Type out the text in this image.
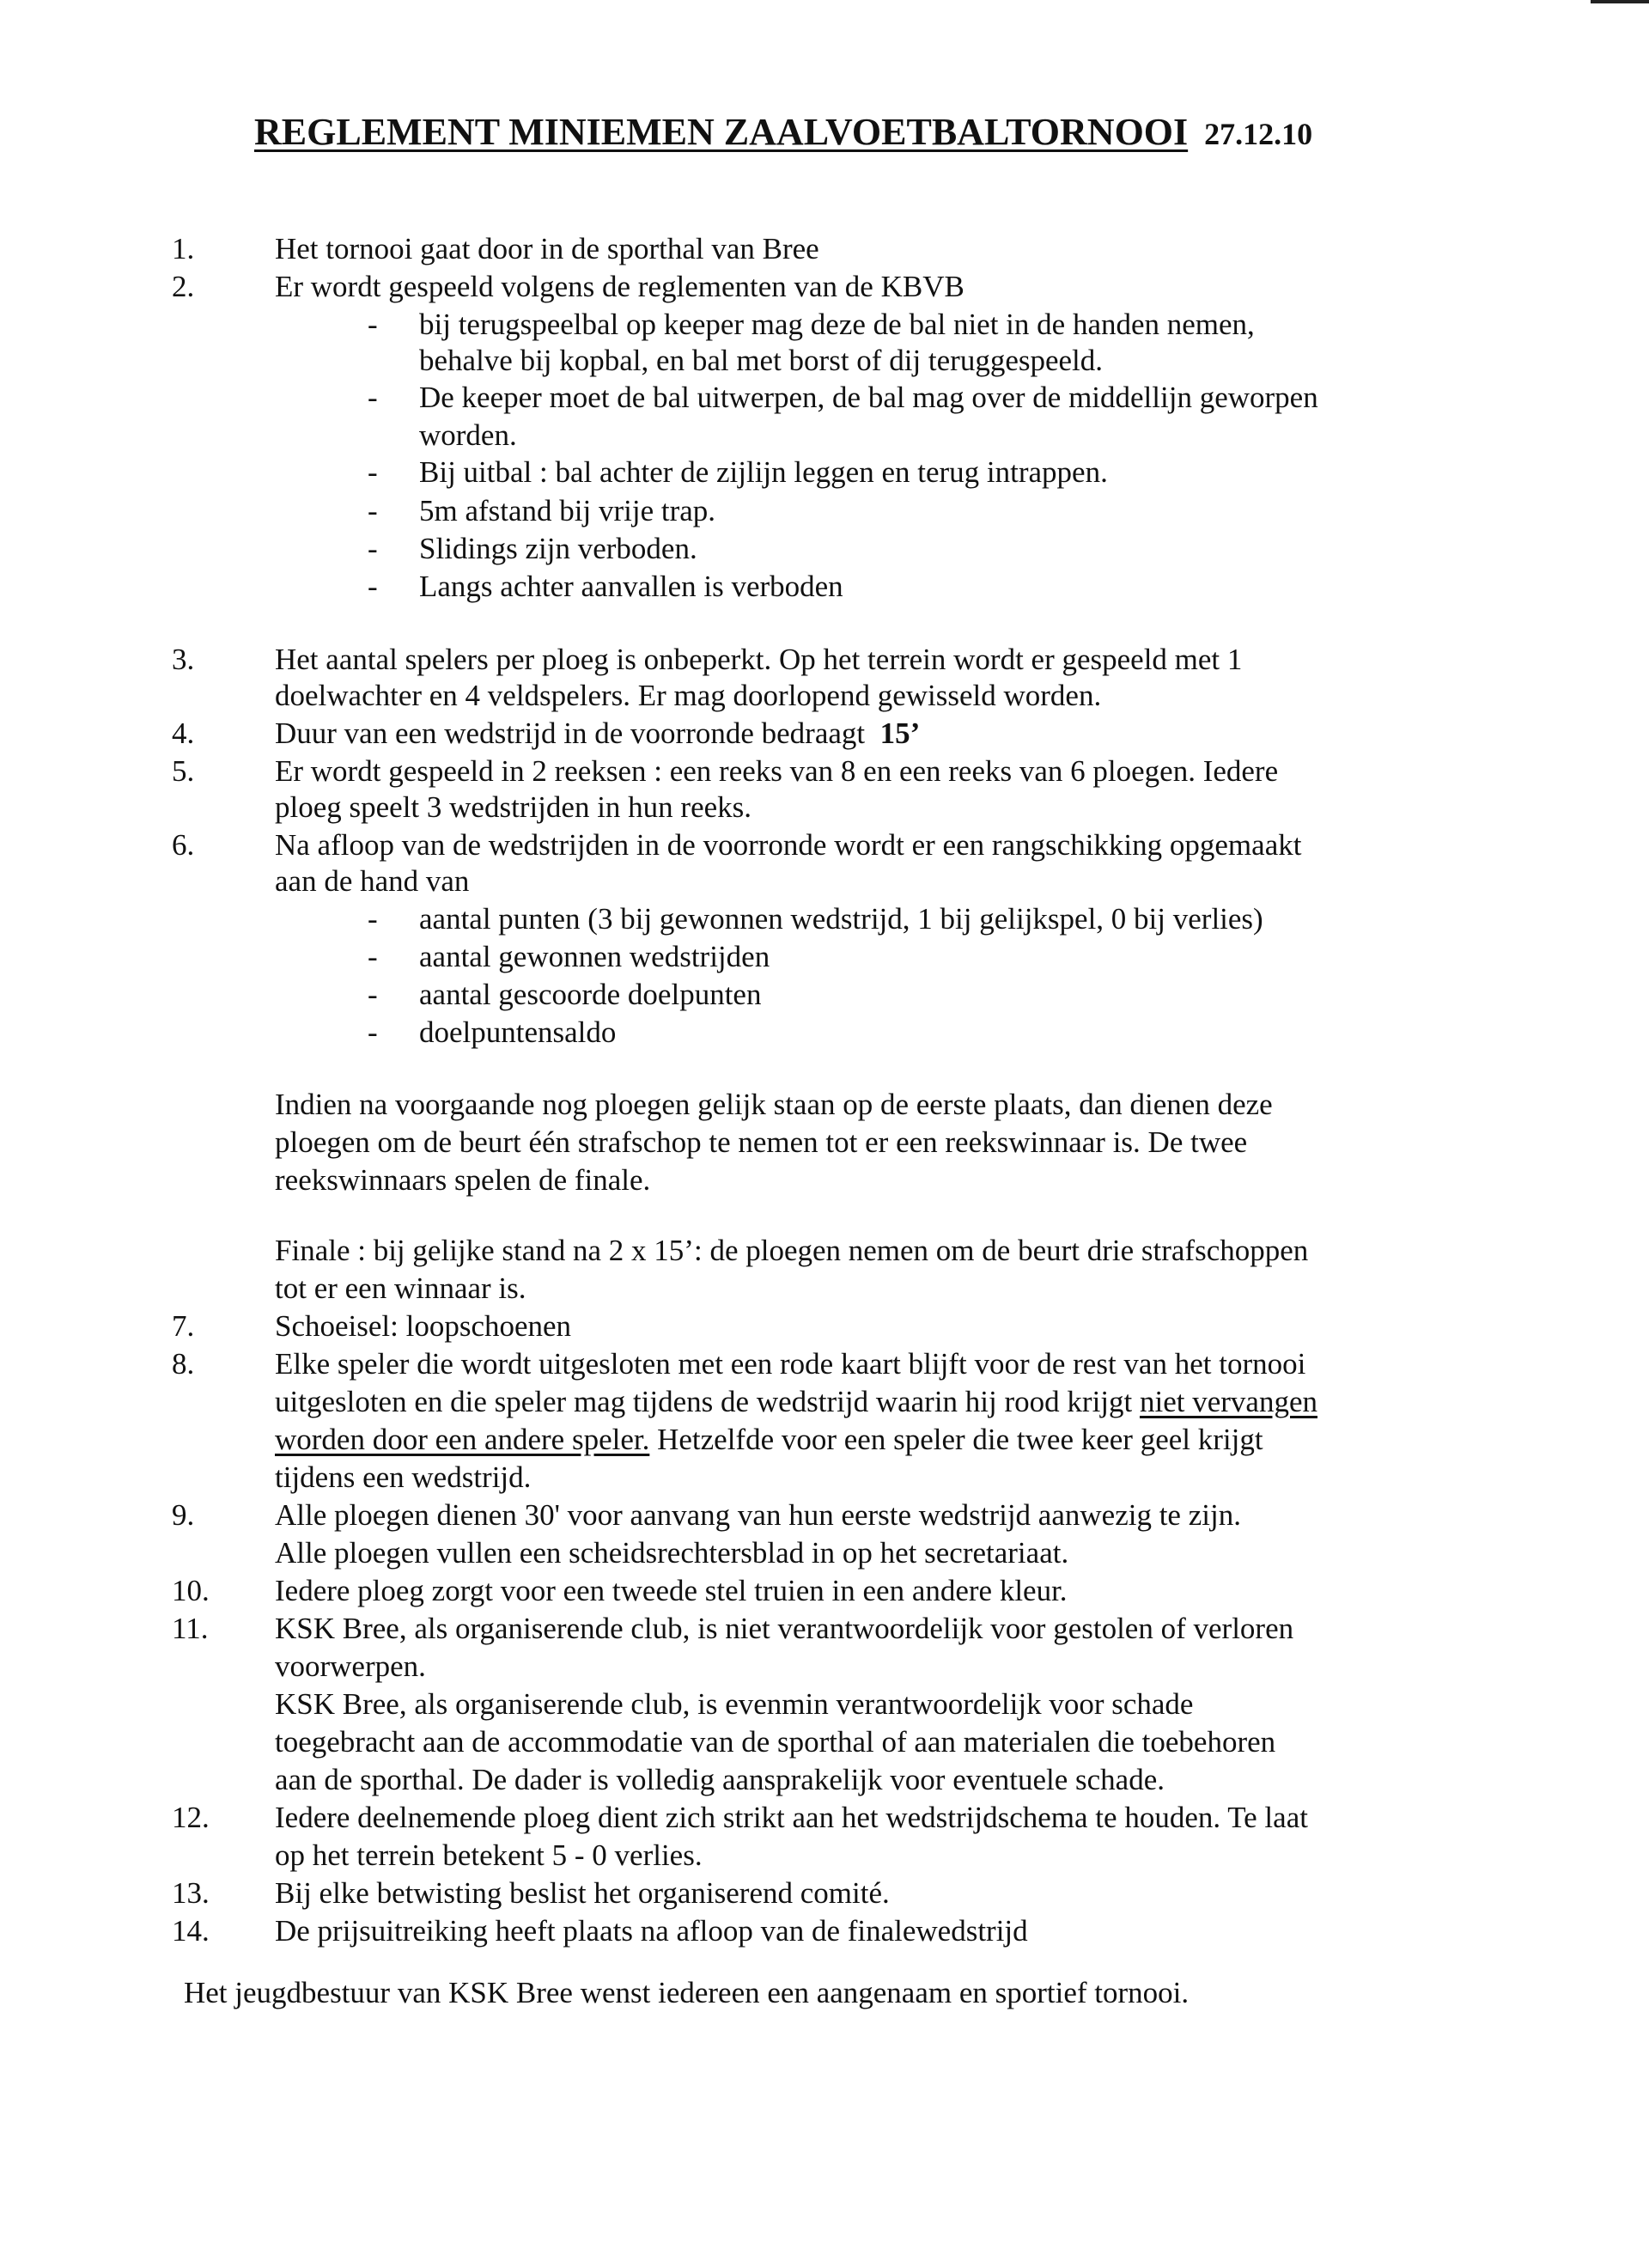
REGLEMENT MINIEMEN ZAALVOETBALTORNOOI 27.12.10
1.	Het tornooi gaat door in de sporthal van Bree
2.	Er wordt gespeeld volgens de reglementen van de KBVB
- bij terugspeelbal op keeper mag deze de bal niet in de handen nemen,
behalve bij kopbal, en bal met borst of dij teruggespeeld.
- De keeper moet de bal uitwerpen, de bal mag over de middellijn geworpen
worden.
- Bij uitbal : bal achter de zijlijn leggen en terug intrappen.
- 5m afstand bij vrije trap.
- Slidings zijn verboden.
- Langs achter aanvallen is verboden
3.	Het aantal spelers per ploeg is onbeperkt. Op het terrein wordt er gespeeld met 1
doelwachter en 4 veldspelers. Er mag doorlopend gewisseld worden.
4.	Duur van een wedstrijd in de voorronde bedraagt 15’
5.	Er wordt gespeeld in 2 reeksen : een reeks van 8 en een reeks van 6 ploegen. Iedere
ploeg speelt 3 wedstrijden in hun reeks.
6.	Na afloop van de wedstrijden in de voorronde wordt er een rangschikking opgemaakt
aan de hand van
- aantal punten (3 bij gewonnen wedstrijd, 1 bij gelijkspel, 0 bij verlies)
- aantal gewonnen wedstrijden
- aantal gescoorde doelpunten
- doelpuntensaldo
Indien na voorgaande nog ploegen gelijk staan op de eerste plaats, dan dienen deze
ploegen om de beurt één strafschop te nemen tot er een reekswinnaar is. De twee
reekswinnaars spelen de finale.
Finale : bij gelijke stand na 2 x 15’: de ploegen nemen om de beurt drie strafschoppen
tot er een winnaar is.
7.	Schoeisel: loopschoenen
8.	Elke speler die wordt uitgesloten met een rode kaart blijft voor de rest van het tornooi
uitgesloten en die speler mag tijdens de wedstrijd waarin hij rood krijgt niet vervangen
worden door een andere speler. Hetzelfde voor een speler die twee keer geel krijgt
tijdens een wedstrijd.
9.	Alle ploegen dienen 30' voor aanvang van hun eerste wedstrijd aanwezig te zijn.
Alle ploegen vullen een scheidsrechtersblad in op het secretariaat.
10.	Iedere ploeg zorgt voor een tweede stel truien in een andere kleur.
11.	KSK Bree, als organiserende club, is niet verantwoordelijk voor gestolen of verloren
voorwerpen.
KSK Bree, als organiserende club, is evenmin verantwoordelijk voor schade
toegebracht aan de accommodatie van de sporthal of aan materialen die toebehoren
aan de sporthal. De dader is volledig aansprakelijk voor eventuele schade.
12.	Iedere deelnemende ploeg dient zich strikt aan het wedstrijdschema te houden. Te laat
op het terrein betekent 5 - 0 verlies.
13.	Bij elke betwisting beslist het organiserend comité.
14.	De prijsuitreiking heeft plaats na afloop van de finalewedstrijd
Het jeugdbestuur van KSK Bree wenst iedereen een aangenaam en sportief tornooi.
